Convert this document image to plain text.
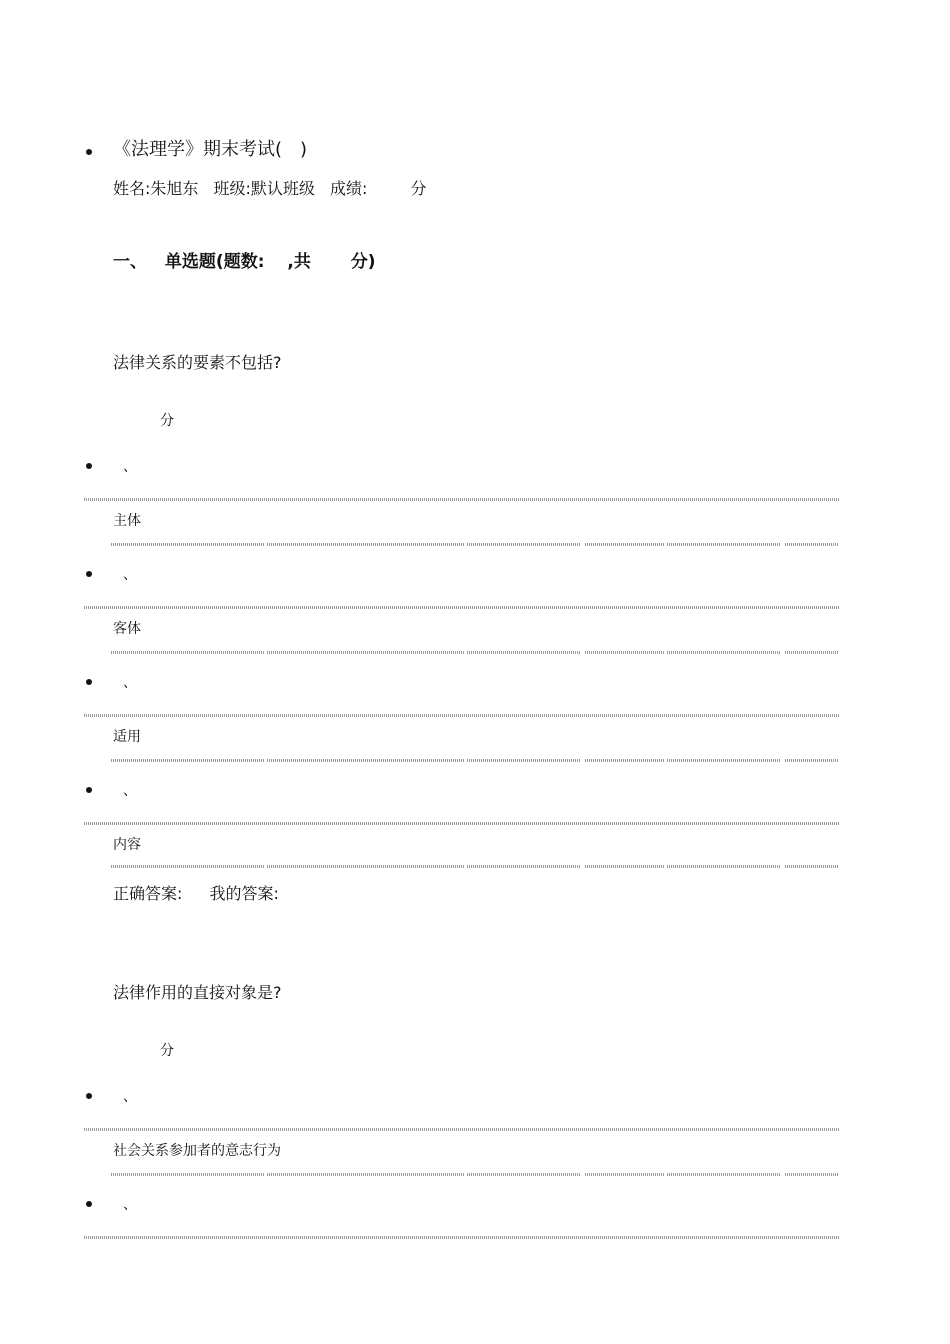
《法理学》期末考试(　)
姓名:朱旭东 班级:默认班级 成绩:	分
一、 单选题(题数:　 ,共　　 分)
法律关系的要素不包括?
分
、
主体
、
客体
、
适用
、
内容
正确答案: 我的答案:
法律作用的直接对象是?
分
、
社会关系参加者的意志行为
、
